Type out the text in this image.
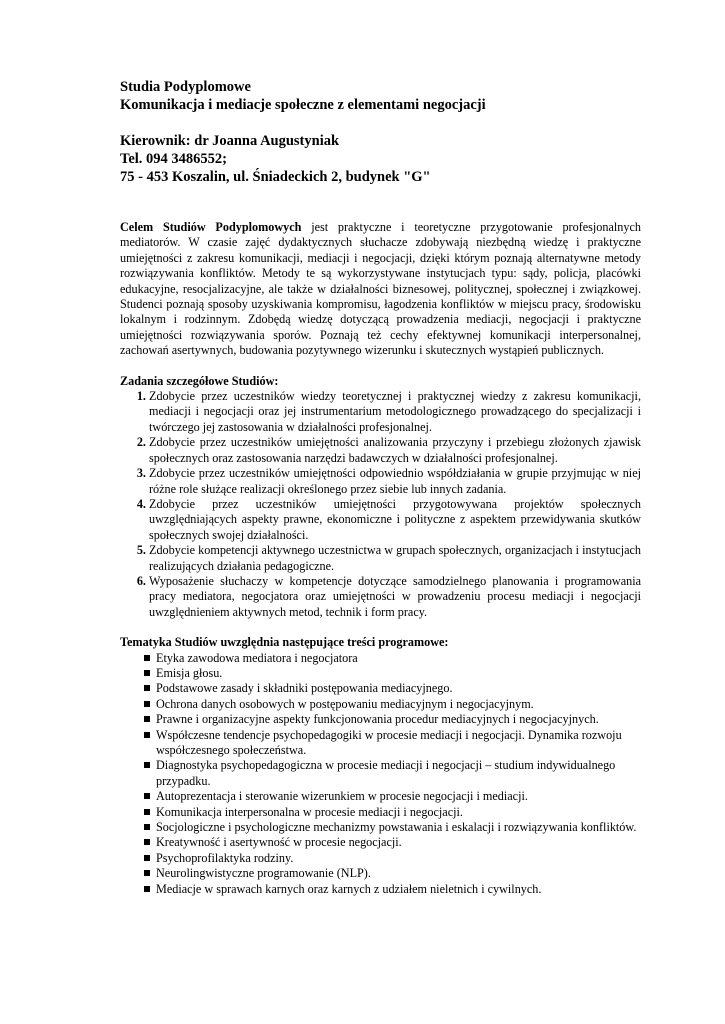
Studia Podyplomowe
Komunikacja i mediacje społeczne z elementami negocjacji
Kierownik: dr Joanna Augustyniak
Tel. 094 3486552;
75 - 453 Koszalin, ul. Śniadeckich 2, budynek "G"
Celem Studiów Podyplomowych jest praktyczne i teoretyczne przygotowanie profesjonalnych mediatorów. W czasie zajęć dydaktycznych słuchacze zdobywają niezbędną wiedzę i praktyczne umiejętności z zakresu komunikacji, mediacji i negocjacji, dzięki którym poznają alternatywne metody rozwiązywania konfliktów. Metody te są wykorzystywane instytucjach typu: sądy, policja, placówki edukacyjne, resocjalizacyjne, ale także w działalności biznesowej, politycznej, społecznej i związkowej. Studenci poznają sposoby uzyskiwania kompromisu, łagodzenia konfliktów w miejscu pracy, środowisku lokalnym i rodzinnym. Zdobędą wiedzę dotyczącą prowadzenia mediacji, negocjacji i praktyczne umiejętności rozwiązywania sporów. Poznają też cechy efektywnej komunikacji interpersonalnej, zachowań asertywnych, budowania pozytywnego wizerunku i skutecznych wystąpień publicznych.
Zadania szczegółowe Studiów:
1. Zdobycie przez uczestników wiedzy teoretycznej i praktycznej wiedzy z zakresu komunikacji, mediacji i negocjacji oraz jej instrumentarium metodologicznego prowadzącego do specjalizacji i twórczego jej zastosowania w działalności profesjonalnej.
2. Zdobycie przez uczestników umiejętności analizowania przyczyny i przebiegu złożonych zjawisk społecznych oraz zastosowania narzędzi badawczych w działalności profesjonalnej.
3. Zdobycie przez uczestników umiejętności odpowiednio współdziałania w grupie przyjmując w niej różne role służące realizacji określonego przez siebie lub innych zadania.
4. Zdobycie przez uczestników umiejętności przygotowywana projektów społecznych uwzględniających aspekty prawne, ekonomiczne i polityczne z aspektem przewidywania skutków społecznych swojej działalności.
5. Zdobycie kompetencji aktywnego uczestnictwa w grupach społecznych, organizacjach i instytucjach realizujących działania pedagogiczne.
6. Wyposażenie słuchaczy w kompetencje dotyczące samodzielnego planowania i programowania pracy mediatora, negocjatora oraz umiejętności w prowadzeniu procesu mediacji i negocjacji uwzględnieniem aktywnych metod, technik i form pracy.
Tematyka Studiów uwzględnia następujące treści programowe:
Etyka zawodowa mediatora i negocjatora
Emisja głosu.
Podstawowe zasady i składniki postępowania mediacyjnego.
Ochrona danych osobowych w postępowaniu mediacyjnym i negocjacyjnym.
Prawne i organizacyjne aspekty funkcjonowania procedur mediacyjnych i negocjacyjnych.
Współczesne tendencje psychopedagogiki w procesie mediacji i negocjacji. Dynamika rozwoju współczesnego społeczeństwa.
Diagnostyka psychopedagogiczna w procesie mediacji i negocjacji – studium indywidualnego przypadku.
Autoprezentacja i sterowanie wizerunkiem w procesie negocjacji i mediacji.
Komunikacja interpersonalna w procesie mediacji i negocjacji.
Socjologiczne i psychologiczne mechanizmy powstawania i eskalacji i rozwiązywania konfliktów.
Kreatywność i asertywność w procesie negocjacji.
Psychoprofilaktyka rodziny.
Neurolingwistyczne programowanie (NLP).
Mediacje w sprawach karnych oraz karnych z udziałem nieletnich i cywilnych.
